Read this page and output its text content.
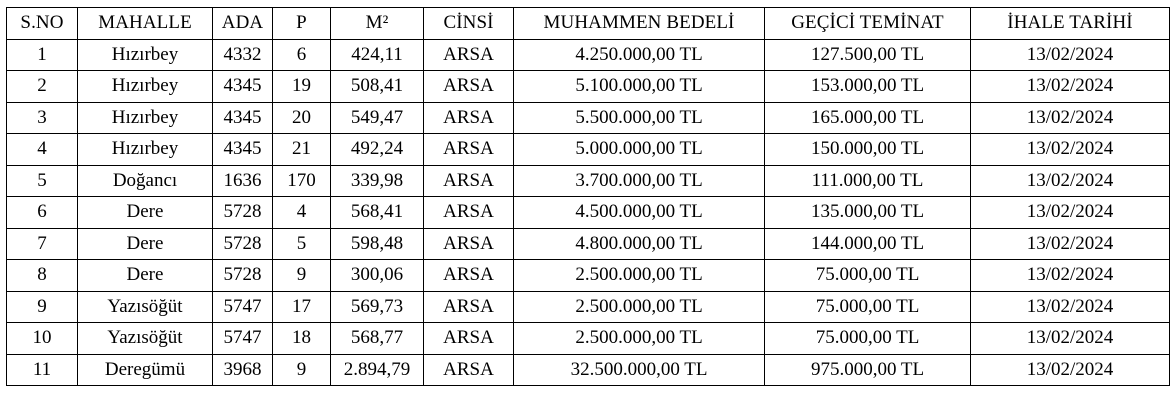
S.NO	MAHALLE	ADA	P	M²	CİNSİ	MUHAMMEN BEDELİ	GEÇİCİ TEMİNAT	İHALE TARİHİ
1	Hızırbey	4332	6	424,11	ARSA	4.250.000,00 TL	127.500,00 TL	13/02/2024
2	Hızırbey	4345	19	508,41	ARSA	5.100.000,00 TL	153.000,00 TL	13/02/2024
3	Hızırbey	4345	20	549,47	ARSA	5.500.000,00 TL	165.000,00 TL	13/02/2024
4	Hızırbey	4345	21	492,24	ARSA	5.000.000,00 TL	150.000,00 TL	13/02/2024
5	Doğancı	1636	170	339,98	ARSA	3.700.000,00 TL	111.000,00 TL	13/02/2024
6	Dere	5728	4	568,41	ARSA	4.500.000,00 TL	135.000,00 TL	13/02/2024
7	Dere	5728	5	598,48	ARSA	4.800.000,00 TL	144.000,00 TL	13/02/2024
8	Dere	5728	9	300,06	ARSA	2.500.000,00 TL	75.000,00 TL	13/02/2024
9	Yazısöğüt	5747	17	569,73	ARSA	2.500.000,00 TL	75.000,00 TL	13/02/2024
10	Yazısöğüt	5747	18	568,77	ARSA	2.500.000,00 TL	75.000,00 TL	13/02/2024
11	Deregümü	3968	9	2.894,79	ARSA	32.500.000,00 TL	975.000,00 TL	13/02/2024
